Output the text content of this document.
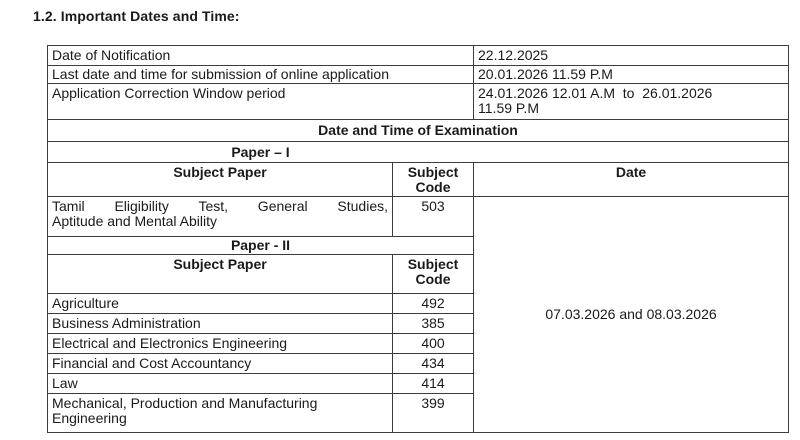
1.2. Important Dates and Time:
Date of Notification		22.12.2025
Last date and time for submission of online application		20.01.2026 11.59 P.M
Application Correction Window period		24.01.2026 12.01 A.M  to  26.01.2026
11.59 P.M

Date and Time of Examination		
Paper – I		
Subject Paper	Subject Code	Date

Tamil Eligibility Test, General Studies,
Aptitude and Mental Ability	503	07.03.2026 and 08.03.2026
Paper - II		
Subject Paper	Subject Code	
Agriculture	492	
Business Administration	385	
Electrical and Electronics Engineering	400	
Financial and Cost Accountancy	434	
Law	414	

Mechanical, Production and Manufacturing
Engineering	399	
